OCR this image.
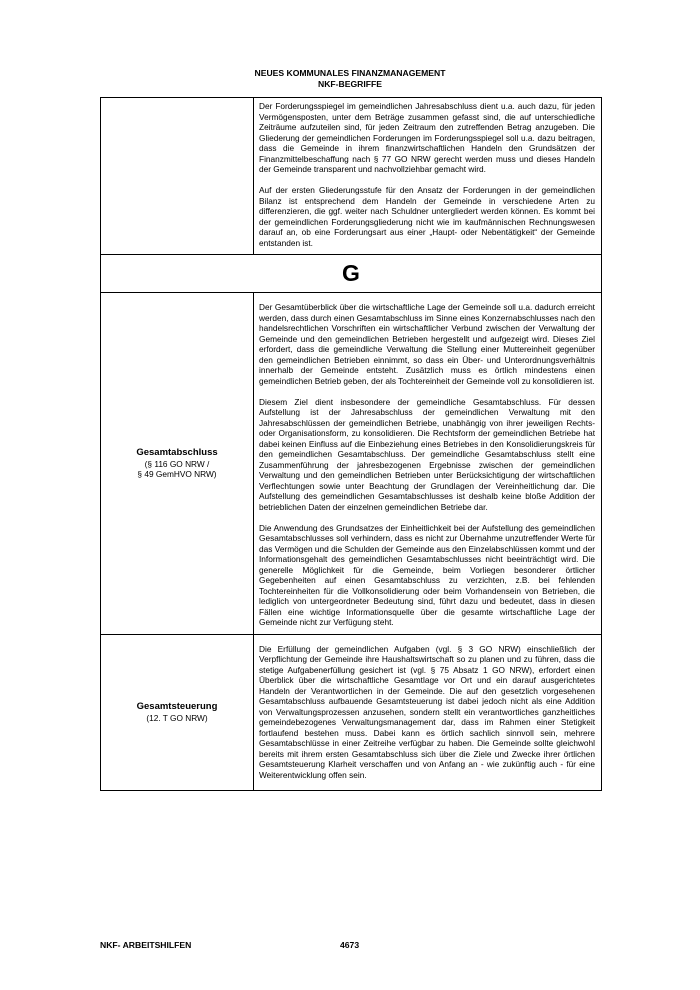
NEUES KOMMUNALES FINANZMANAGEMENT
NKF-BEGRIFFE

Der Forderungsspiegel im gemeindlichen Jahresabschluss dient u.a. auch dazu, für jeden Vermögensposten, unter dem Beträge zusammen gefasst sind, die auf unterschiedliche Zeiträume aufzuteilen sind, für jeden Zeitraum den zutreffenden Betrag anzugeben. Die Gliederung der gemeindlichen Forderungen im Forderungsspiegel soll u.a. dazu beitragen, dass die Gemeinde in ihrem finanzwirtschaftlichen Handeln den Grundsätzen der Finanzmittelbeschaffung nach § 77 GO NRW gerecht werden muss und dieses Handeln der Gemeinde transparent und nachvollziehbar gemacht wird.

Auf der ersten Gliederungsstufe für den Ansatz der Forderungen in der gemeindlichen Bilanz ist entsprechend dem Handeln der Gemeinde in verschiedene Arten zu differenzieren, die ggf. weiter nach Schuldner untergliedert werden können. Es kommt bei der gemeindlichen Forderungsgliederung nicht wie im kaufmännischen Rechnungswesen darauf an, ob eine Forderungsart aus einer „Haupt- oder Nebentätigkeit“ der Gemeinde entstanden ist.

G
Gesamtabschluss
(§ 116 GO NRW /
§ 49 GemHVO NRW)

Der Gesamtüberblick über die wirtschaftliche Lage der Gemeinde soll u.a. dadurch erreicht werden, dass durch einen Gesamtabschluss im Sinne eines Konzernabschlusses nach den handelsrechtlichen Vorschriften ein wirtschaftlicher Verbund zwischen der Verwaltung der Gemeinde und den gemeindlichen Betrieben hergestellt und aufgezeigt wird. Dieses Ziel erfordert, dass die gemeindliche Verwaltung die Stellung einer Muttereinheit gegenüber den gemeindlichen Betrieben einnimmt, so dass ein Über- und Unterordnungsverhältnis innerhalb der Gemeinde entsteht. Zusätzlich muss es örtlich mindestens einen gemeindlichen Betrieb geben, der als Tochtereinheit der Gemeinde voll zu konsolidieren ist.

Diesem Ziel dient insbesondere der gemeindliche Gesamtabschluss. Für dessen Aufstellung ist der Jahresabschluss der gemeindlichen Verwaltung mit den Jahresabschlüssen der gemeindlichen Betriebe, unabhängig von ihrer jeweiligen Rechts- oder Organisationsform, zu konsolidieren. Die Rechtsform der gemeindlichen Betriebe hat dabei keinen Einfluss auf die Einbeziehung eines Betriebes in den Konsolidierungskreis für den gemeindlichen Gesamtabschluss. Der gemeindliche Gesamtabschluss stellt eine Zusammenführung der jahresbezogenen Ergebnisse zwischen der gemeindlichen Verwaltung und den gemeindlichen Betrieben unter Berücksichtigung der wirtschaftlichen Verflechtungen sowie unter Beachtung der Grundlagen der Vereinheitlichung dar. Die Aufstellung des gemeindlichen Gesamtabschlusses ist deshalb keine bloße Addition der betrieblichen Daten der einzelnen gemeindlichen Betriebe dar.

Die Anwendung des Grundsatzes der Einheitlichkeit bei der Aufstellung des gemeindlichen Gesamtabschlusses soll verhindern, dass es nicht zur Übernahme unzutreffender Werte für das Vermögen und die Schulden der Gemeinde aus den Einzelabschlüssen kommt und der Informationsgehalt des gemeindlichen Gesamtabschlusses nicht beeinträchtigt wird. Die generelle Möglichkeit für die Gemeinde, beim Vorliegen besonderer örtlicher Gegebenheiten auf einen Gesamtabschluss zu verzichten, z.B. bei fehlenden Tochtereinheiten für die Vollkonsolidierung oder beim Vorhandensein von Betrieben, die lediglich von untergeordneter Bedeutung sind, führt dazu und bedeutet, dass in diesen Fällen eine wichtige Informationsquelle über die gesamte wirtschaftliche Lage der Gemeinde nicht zur Verfügung steht.

Gesamtsteuerung
(12. T GO NRW)

Die Erfüllung der gemeindlichen Aufgaben (vgl. § 3 GO NRW) einschließlich der Verpflichtung der Gemeinde ihre Haushaltswirtschaft so zu planen und zu führen, dass die stetige Aufgabenerfüllung gesichert ist (vgl. § 75 Absatz 1 GO NRW), erfordert einen Überblick über die wirtschaftliche Gesamtlage vor Ort und ein darauf ausgerichtetes Handeln der Verantwortlichen in der Gemeinde. Die auf den gesetzlich vorgesehenen Gesamtabschluss aufbauende Gesamtsteuerung ist dabei jedoch nicht als eine Addition von Verwaltungsprozessen anzusehen, sondern stellt ein verantwortliches ganzheitliches gemeindebezogenes Verwaltungsmanagement dar, dass im Rahmen einer Stetigkeit fortlaufend bestehen muss. Dabei kann es örtlich sachlich sinnvoll sein, mehrere Gesamtabschlüsse in einer Zeitreihe verfügbar zu haben. Die Gemeinde sollte gleichwohl bereits mit ihrem ersten Gesamtabschluss sich über die Ziele und Zwecke ihrer örtlichen Gesamtsteuerung Klarheit verschaffen und von Anfang an - wie zukünftig auch - für eine Weiterentwicklung offen sein.

NKF- ARBEITSHILFEN	4673
